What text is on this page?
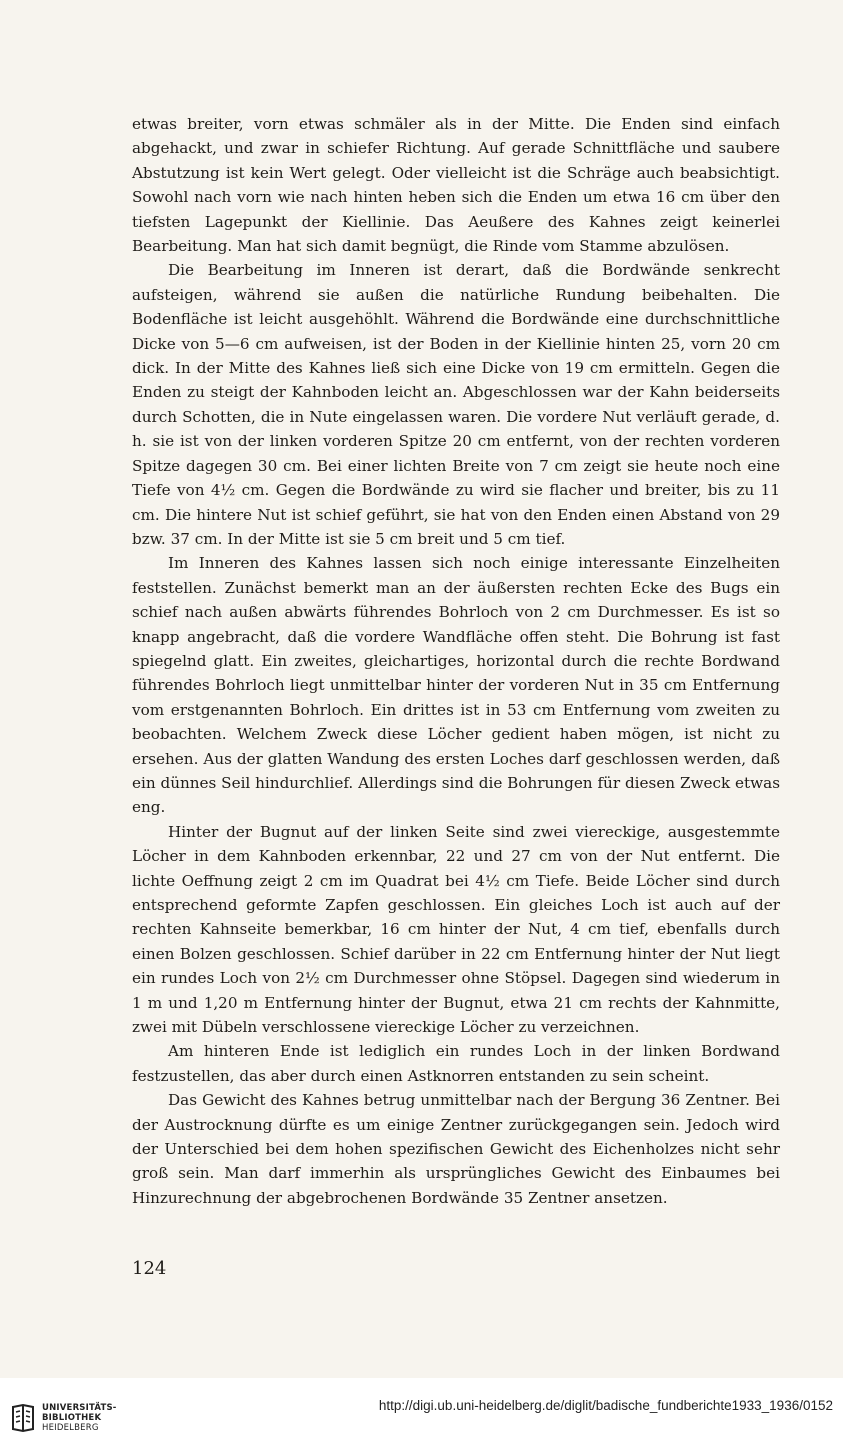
etwas breiter, vorn etwas schmäler als in der Mitte. Die Enden sind einfach abgehackt, und zwar in schiefer Richtung. Auf gerade Schnittfläche und saubere Abstutzung ist kein Wert gelegt. Oder vielleicht ist die Schräge auch beabsichtigt. Sowohl nach vorn wie nach hinten heben sich die Enden um etwa 16 cm über den tiefsten Lagepunkt der Kiellinie. Das Aeußere des Kahnes zeigt keinerlei Bearbeitung. Man hat sich damit begnügt, die Rinde vom Stamme abzulösen.

Die Bearbeitung im Inneren ist derart, daß die Bordwände senkrecht aufsteigen, während sie außen die natürliche Rundung beibehalten. Die Bodenfläche ist leicht ausgehöhlt. Während die Bordwände eine durchschnittliche Dicke von 5—6 cm aufweisen, ist der Boden in der Kiellinie hinten 25, vorn 20 cm dick. In der Mitte des Kahnes ließ sich eine Dicke von 19 cm ermitteln. Gegen die Enden zu steigt der Kahnboden leicht an. Abgeschlossen war der Kahn beiderseits durch Schotten, die in Nute eingelassen waren. Die vordere Nut verläuft gerade, d. h. sie ist von der linken vorderen Spitze 20 cm entfernt, von der rechten vorderen Spitze dagegen 30 cm. Bei einer lichten Breite von 7 cm zeigt sie heute noch eine Tiefe von 4½ cm. Gegen die Bordwände zu wird sie flacher und breiter, bis zu 11 cm. Die hintere Nut ist schief geführt, sie hat von den Enden einen Abstand von 29 bzw. 37 cm. In der Mitte ist sie 5 cm breit und 5 cm tief.

Im Inneren des Kahnes lassen sich noch einige interessante Einzelheiten feststellen. Zunächst bemerkt man an der äußersten rechten Ecke des Bugs ein schief nach außen abwärts führendes Bohrloch von 2 cm Durchmesser. Es ist so knapp angebracht, daß die vordere Wandfläche offen steht. Die Bohrung ist fast spiegelnd glatt. Ein zweites, gleichartiges, horizontal durch die rechte Bordwand führendes Bohrloch liegt unmittelbar hinter der vorderen Nut in 35 cm Entfernung vom erstgenannten Bohrloch. Ein drittes ist in 53 cm Entfernung vom zweiten zu beobachten. Welchem Zweck diese Löcher gedient haben mögen, ist nicht zu ersehen. Aus der glatten Wandung des ersten Loches darf geschlossen werden, daß ein dünnes Seil hindurchlief. Allerdings sind die Bohrungen für diesen Zweck etwas eng.

Hinter der Bugnut auf der linken Seite sind zwei viereckige, ausgestemmte Löcher in dem Kahnboden erkennbar, 22 und 27 cm von der Nut entfernt. Die lichte Oeffnung zeigt 2 cm im Quadrat bei 4½ cm Tiefe. Beide Löcher sind durch entsprechend geformte Zapfen geschlossen. Ein gleiches Loch ist auch auf der rechten Kahnseite bemerkbar, 16 cm hinter der Nut, 4 cm tief, ebenfalls durch einen Bolzen geschlossen. Schief darüber in 22 cm Entfernung hinter der Nut liegt ein rundes Loch von 2½ cm Durchmesser ohne Stöpsel. Dagegen sind wiederum in 1 m und 1,20 m Entfernung hinter der Bugnut, etwa 21 cm rechts der Kahnmitte, zwei mit Dübeln verschlossene viereckige Löcher zu verzeichnen.

Am hinteren Ende ist lediglich ein rundes Loch in der linken Bordwand festzustellen, das aber durch einen Astknorren entstanden zu sein scheint.

Das Gewicht des Kahnes betrug unmittelbar nach der Bergung 36 Zentner. Bei der Austrocknung dürfte es um einige Zentner zurückgegangen sein. Jedoch wird der Unterschied bei dem hohen spezifischen Gewicht des Eichenholzes nicht sehr groß sein. Man darf immerhin als ursprüngliches Gewicht des Einbaumes bei Hinzurechnung der abgebrochenen Bordwände 35 Zentner ansetzen.

124
UNIVERSITÄTS-
BIBLIOTHEK
HEIDELBERG
http://digi.ub.uni-heidelberg.de/diglit/badische_fundberichte1933_1936/0152
